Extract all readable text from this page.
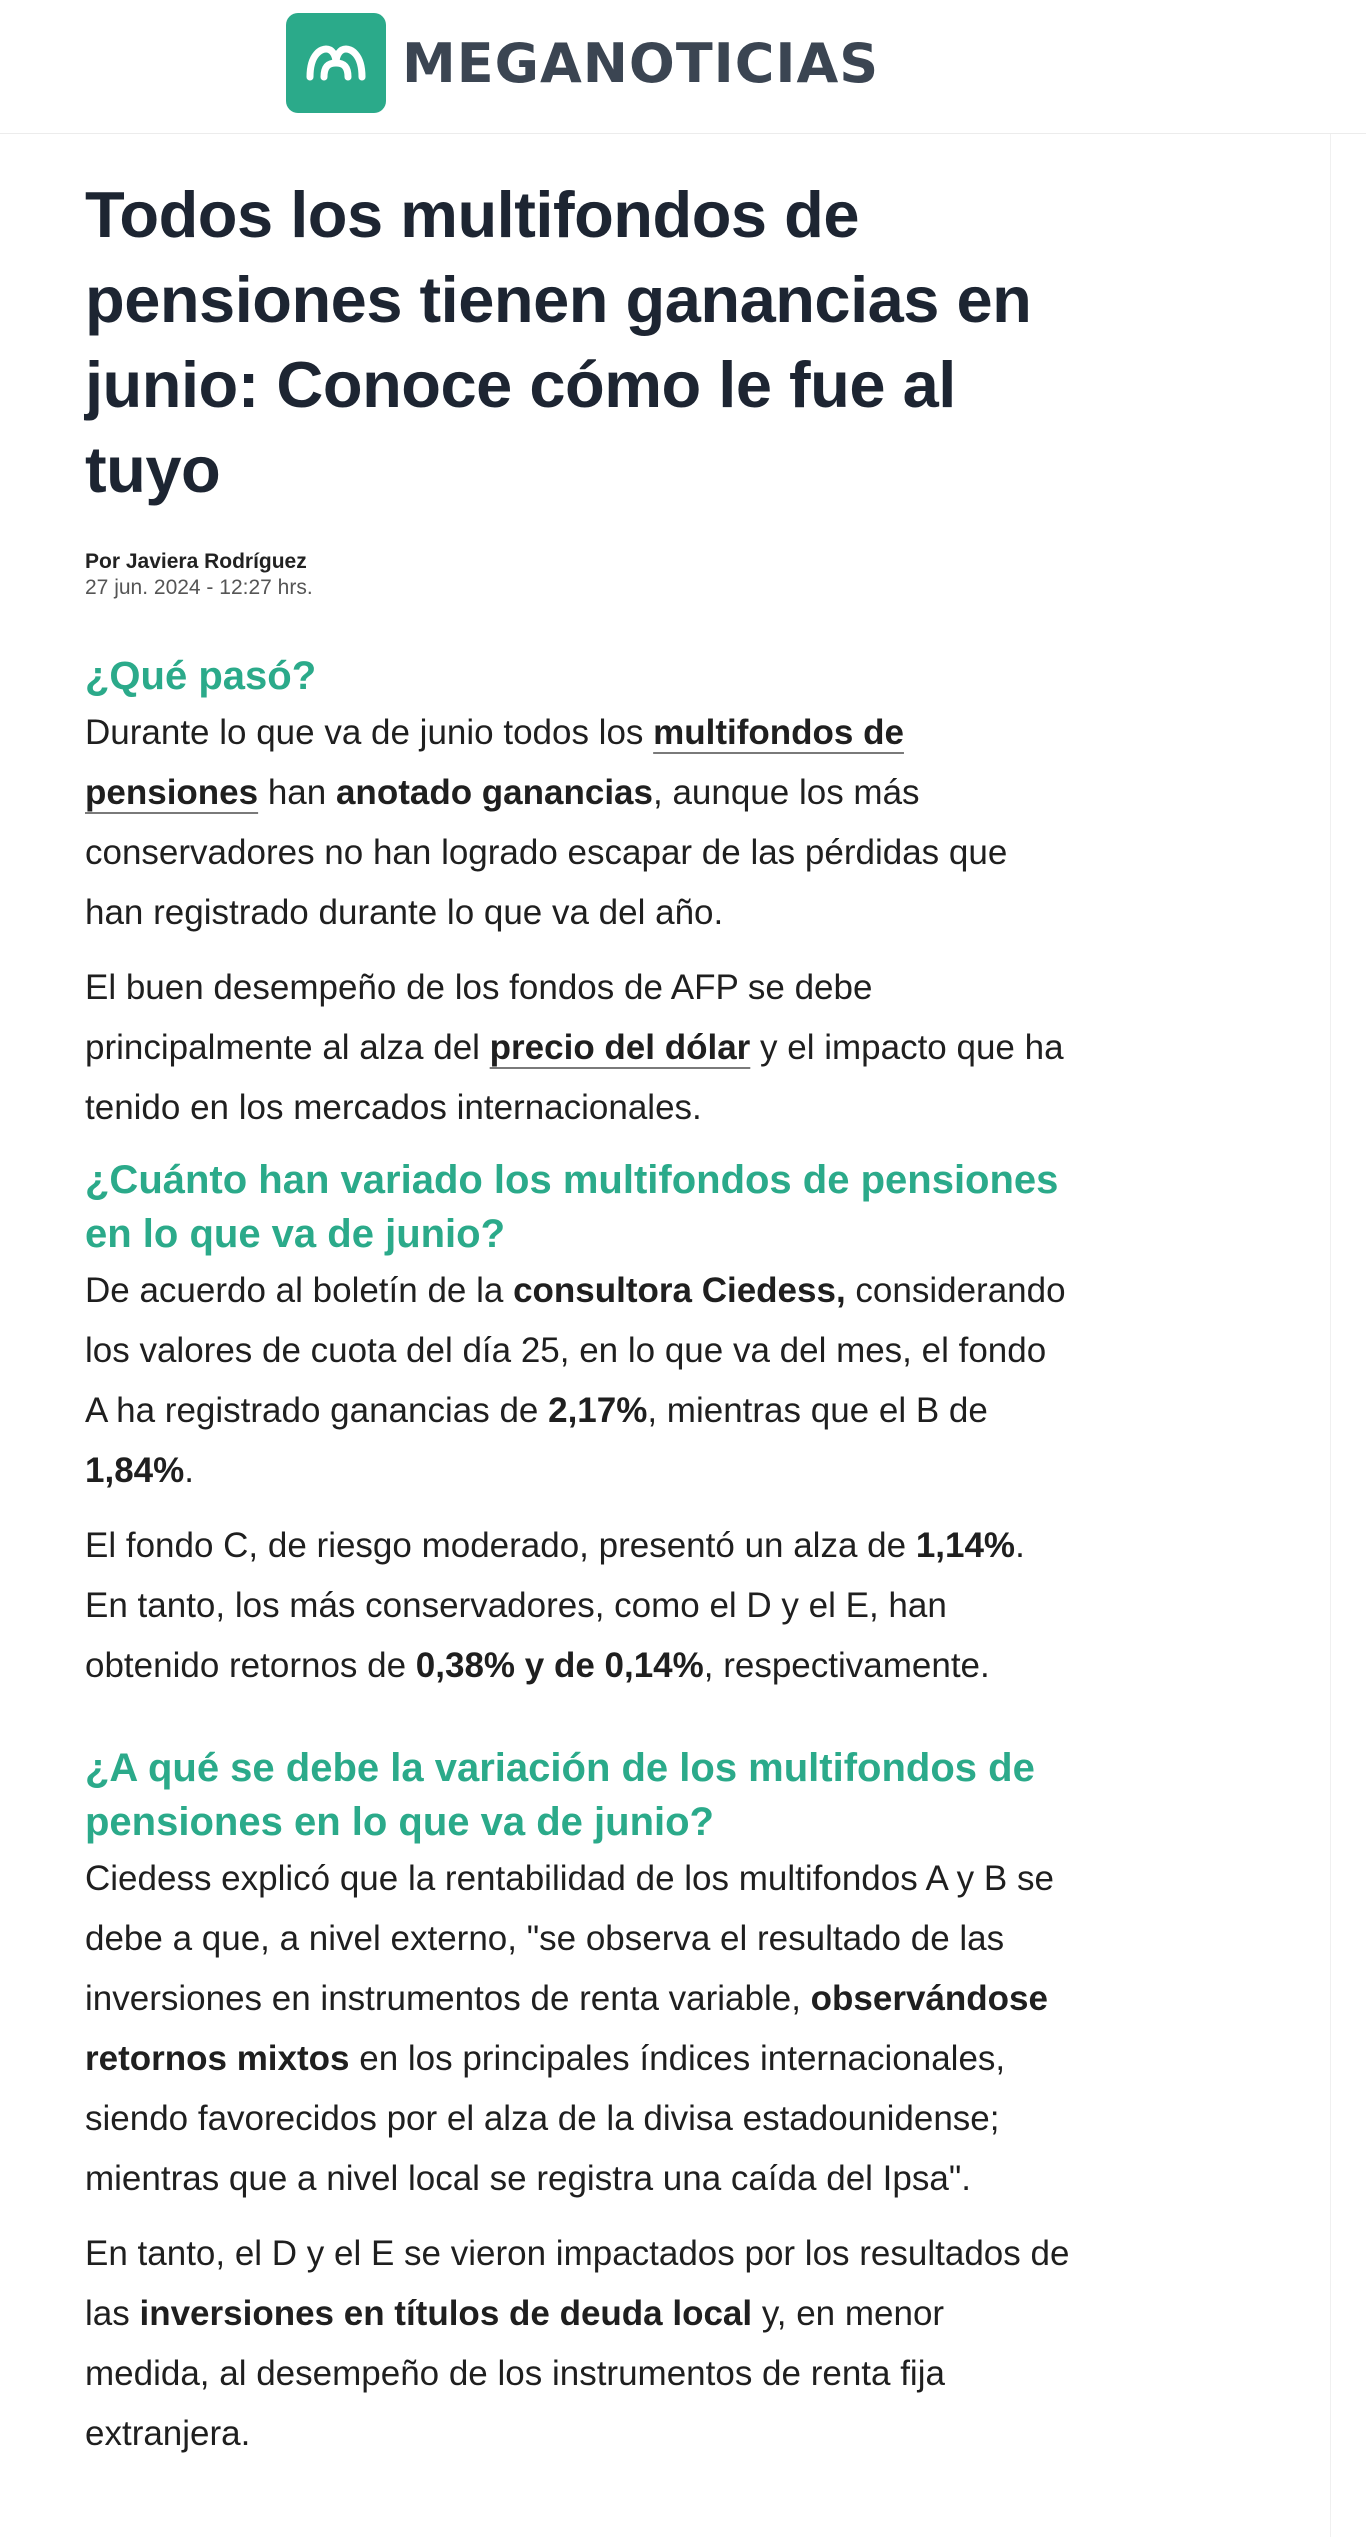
MEGANOTICIAS
Todos los multifondos de pensiones tienen ganancias en junio: Conoce cómo le fue al tuyo
Por Javiera Rodríguez
27 jun. 2024 - 12:27 hrs.
¿Qué pasó?

Durante lo que va de junio todos los multifondos de pensiones han anotado ganancias, aunque los más conservadores no han logrado escapar de las pérdidas que han registrado durante lo que va del año.

El buen desempeño de los fondos de AFP se debe principalmente al alza del precio del dólar y el impacto que ha tenido en los mercados internacionales.

¿Cuánto han variado los multifondos de pensiones en lo que va de junio?

De acuerdo al boletín de la consultora Ciedess, considerando los valores de cuota del día 25, en lo que va del mes, el fondo A ha registrado ganancias de 2,17%, mientras que el B de 1,84%.

El fondo C, de riesgo moderado, presentó un alza de 1,14%. En tanto, los más conservadores, como el D y el E, han obtenido retornos de 0,38% y de 0,14%, respectivamente.

¿A qué se debe la variación de los multifondos de pensiones en lo que va de junio?

Ciedess explicó que la rentabilidad de los multifondos A y B se debe a que, a nivel externo, "se observa el resultado de las inversiones en instrumentos de renta variable, observándose retornos mixtos en los principales índices internacionales, siendo favorecidos por el alza de la divisa estadounidense; mientras que a nivel local se registra una caída del Ipsa".

En tanto, el D y el E se vieron impactados por los resultados de las inversiones en títulos de deuda local y, en menor medida, al desempeño de los instrumentos de renta fija extranjera.
